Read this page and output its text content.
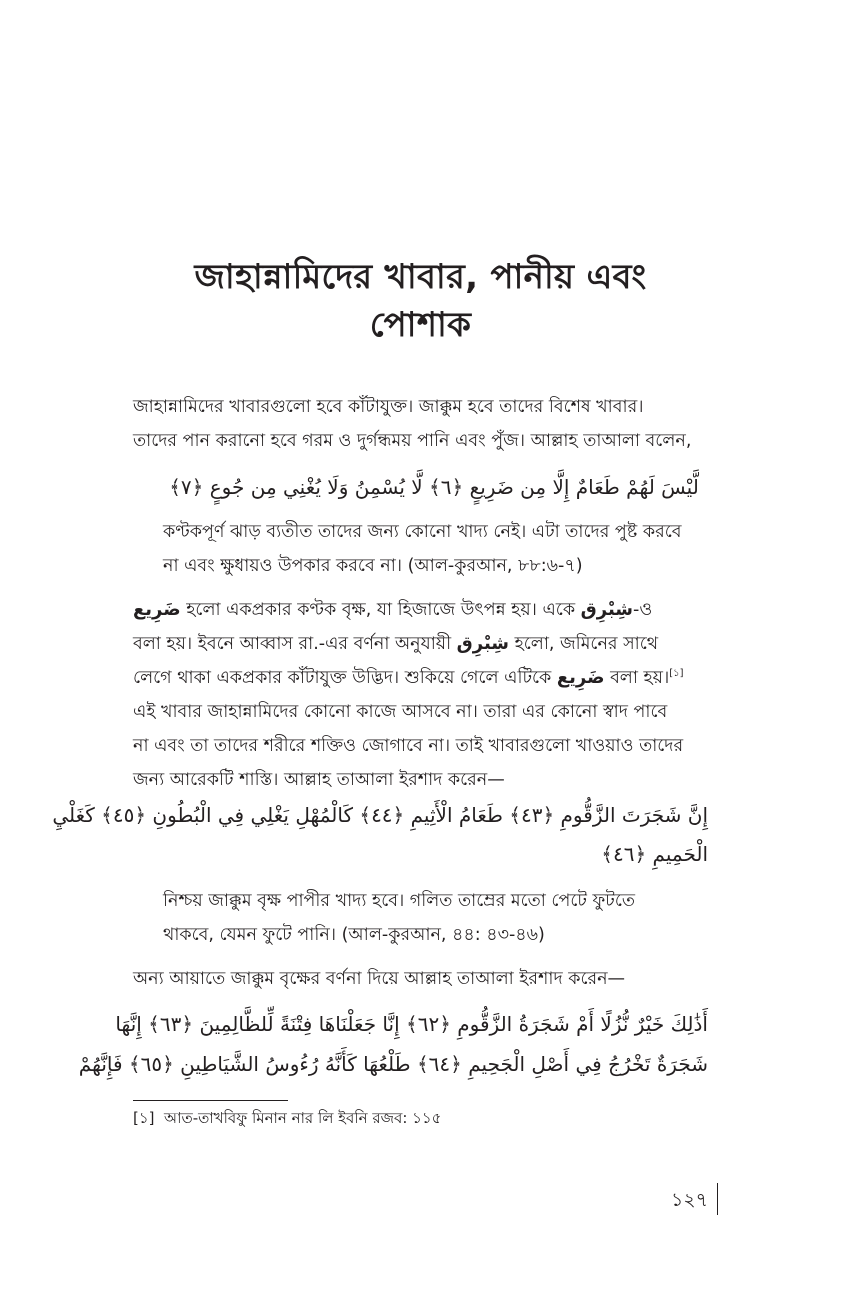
জাহান্নামিদের খাবার, পানীয় এবং
পোশাক
জাহান্নামিদের খাবারগুলো হবে কাঁটাযুক্ত। জাক্কুম হবে তাদের বিশেষ খাবার।
তাদের পান করানো হবে গরম ও দুর্গন্ধময় পানি এবং পুঁজ। আল্লাহ তাআলা বলেন,
لَّيْسَ لَهُمْ طَعَامٌ إِلَّا مِن ضَرِيعٍ ﴿٦﴾ لَّا يُسْمِنُ وَلَا يُغْنِي مِن جُوعٍ ﴿٧﴾
কণ্টকপূর্ণ ঝাড় ব্যতীত তাদের জন্য কোনো খাদ্য নেই। এটা তাদের পুষ্ট করবে
না এবং ক্ষুধায়ও উপকার করবে না। (আল-কুরআন, ৮৮:৬-৭)
ضَرِيع হলো একপ্রকার কণ্টক বৃক্ষ, যা হিজাজে উৎপন্ন হয়। একে شِبْرِق-ও
বলা হয়। ইবনে আব্বাস রা.-এর বর্ণনা অনুযায়ী شِبْرِق হলো, জমিনের সাথে
লেগে থাকা একপ্রকার কাঁটাযুক্ত উদ্ভিদ। শুকিয়ে গেলে এটিকে ضَرِيع বলা হয়।[১]
এই খাবার জাহান্নামিদের কোনো কাজে আসবে না। তারা এর কোনো স্বাদ পাবে
না এবং তা তাদের শরীরে শক্তিও জোগাবে না। তাই খাবারগুলো খাওয়াও তাদের
জন্য আরেকটি শাস্তি। আল্লাহ তাআলা ইরশাদ করেন—
إِنَّ شَجَرَتَ الزَّقُّومِ ﴿٤٣﴾ طَعَامُ الْأَثِيمِ ﴿٤٤﴾ كَالْمُهْلِ يَغْلِي فِي الْبُطُونِ ﴿٤٥﴾ كَغَلْيِ
الْحَمِيمِ ﴿٤٦﴾
নিশ্চয় জাক্কুম বৃক্ষ পাপীর খাদ্য হবে। গলিত তাম্রের মতো পেটে ফুটতে
থাকবে, যেমন ফুটে পানি। (আল-কুরআন, ৪৪: ৪৩-৪৬)
অন্য আয়াতে জাক্কুম বৃক্ষের বর্ণনা দিয়ে আল্লাহ তাআলা ইরশাদ করেন—
أَذَٰلِكَ خَيْرٌ نُّزُلًا أَمْ شَجَرَةُ الزَّقُّومِ ﴿٦٢﴾ إِنَّا جَعَلْنَاهَا فِتْنَةً لِّلظَّالِمِينَ ﴿٦٣﴾ إِنَّهَا
شَجَرَةٌ تَخْرُجُ فِي أَصْلِ الْجَحِيمِ ﴿٦٤﴾ طَلْعُهَا كَأَنَّهُ رُءُوسُ الشَّيَاطِينِ ﴿٦٥﴾ فَإِنَّهُمْ
[১] আত-তাখবিফু মিনান নার লি ইবনি রজব: ১১৫
১২৭
